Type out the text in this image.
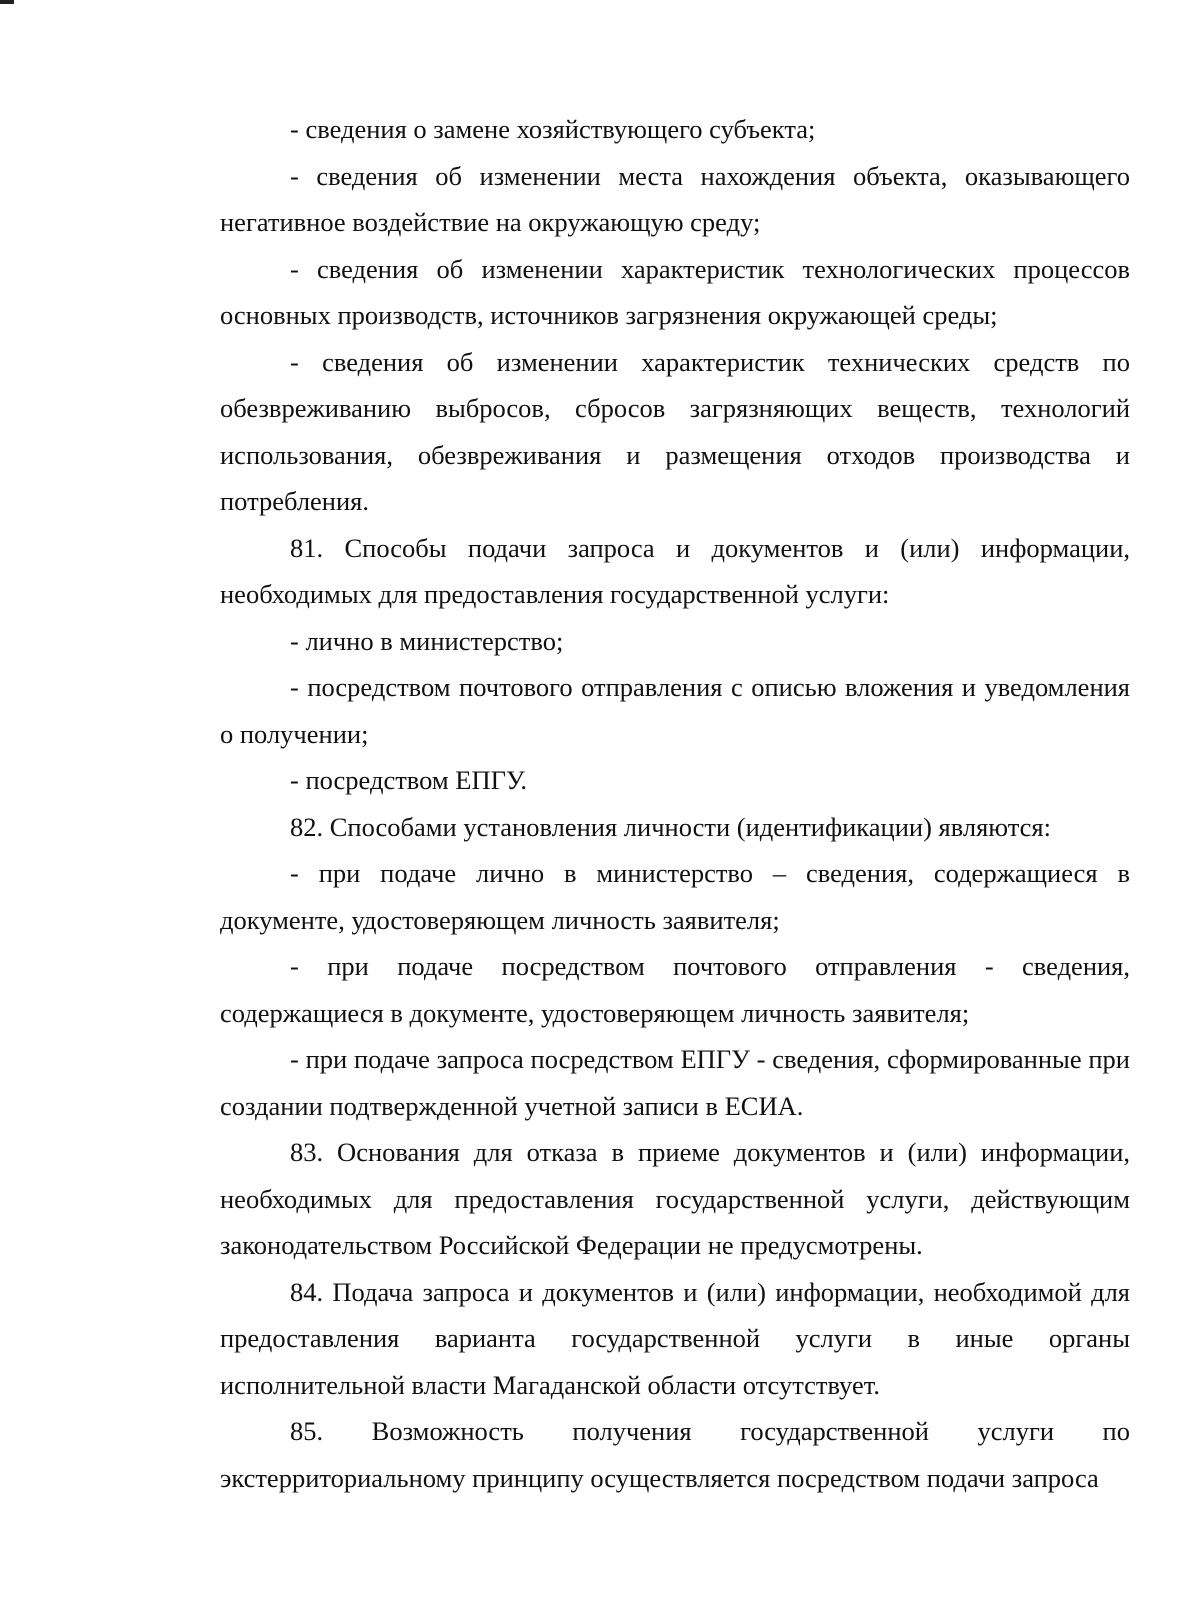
- сведения о замене хозяйствующего субъекта;

- сведения об изменении места нахождения объекта, оказывающего негативное воздействие на окружающую среду;

- сведения об изменении характеристик технологических процессов основных производств, источников загрязнения окружающей среды;

- сведения об изменении характеристик технических средств по обезвреживанию выбросов, сбросов загрязняющих веществ, технологий использования, обезвреживания и размещения отходов производства и потребления.

81. Способы подачи запроса и документов и (или) информации, необходимых для предоставления государственной услуги:

- лично в министерство;

- посредством почтового отправления с описью вложения и уведомления о получении;

- посредством ЕПГУ.

82. Способами установления личности (идентификации) являются:

- при подаче лично в министерство – сведения, содержащиеся в документе, удостоверяющем личность заявителя;

- при подаче посредством почтового отправления - сведения, содержащиеся в документе, удостоверяющем личность заявителя;

- при подаче запроса посредством ЕПГУ - сведения, сформированные при создании подтвержденной учетной записи в ЕСИА.

83. Основания для отказа в приеме документов и (или) информации, необходимых для предоставления государственной услуги, действующим законодательством Российской Федерации не предусмотрены.

84. Подача запроса и документов и (или) информации, необходимой для предоставления варианта государственной услуги в иные органы исполнительной власти Магаданской области отсутствует.

85. Возможность получения государственной услуги по экстерриториальному принципу осуществляется посредством подачи запроса
